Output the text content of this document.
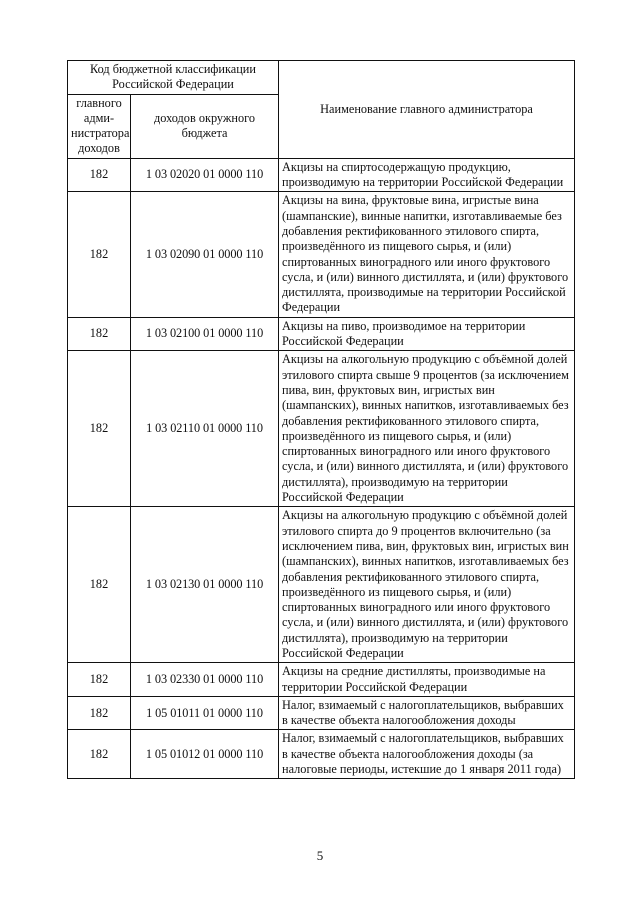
Код бюджетной классификации Российской Федерации		Наименование главного администратора
главного адми-нистратора доходов	доходов окружного бюджета	
182	1 03 02020 01 0000 110	Акцизы на спиртосодержащую продукцию, производимую на территории Российской Федерации
182	1 03 02090 01 0000 110	Акцизы на вина, фруктовые вина, игристые вина (шампанские), винные напитки, изготавливаемые без добавления ректификованного этилового спирта, произведённого из пищевого сырья, и (или) спиртованных виноградного или иного фруктового сусла, и (или) винного дистиллята, и (или) фруктового дистиллята, производимые на территории Российской Федерации
182	1 03 02100 01 0000 110	Акцизы на пиво, производимое на территории Российской Федерации
182	1 03 02110 01 0000 110	Акцизы на алкогольную продукцию с объёмной долей этилового спирта свыше 9 процентов (за исключением пива, вин, фруктовых вин, игристых вин (шампанских), винных напитков, изготавливаемых без добавления ректификованного этилового спирта, произведённого из пищевого сырья, и (или) спиртованных виноградного или иного фруктового сусла, и (или) винного дистиллята, и (или) фруктового дистиллята), производимую на территории Российской Федерации
182	1 03 02130 01 0000 110	Акцизы на алкогольную продукцию с объёмной долей этилового спирта до 9 процентов включительно (за исключением пива, вин, фруктовых вин, игристых вин (шампанских), винных напитков, изготавливаемых без добавления ректификованного этилового спирта, произведённого из пищевого сырья, и (или) спиртованных виноградного или иного фруктового сусла, и (или) винного дистиллята, и (или) фруктового дистиллята), производимую на территории Российской Федерации
182	1 03 02330 01 0000 110	Акцизы на средние дистилляты, производимые на территории Российской Федерации
182	1 05 01011 01 0000 110	Налог, взимаемый с налогоплательщиков, выбравших в качестве объекта налогообложения доходы
182	1 05 01012 01 0000 110	Налог, взимаемый с налогоплательщиков, выбравших в качестве объекта налогообложения доходы (за налоговые периоды, истекшие до 1 января 2011 года)
5
